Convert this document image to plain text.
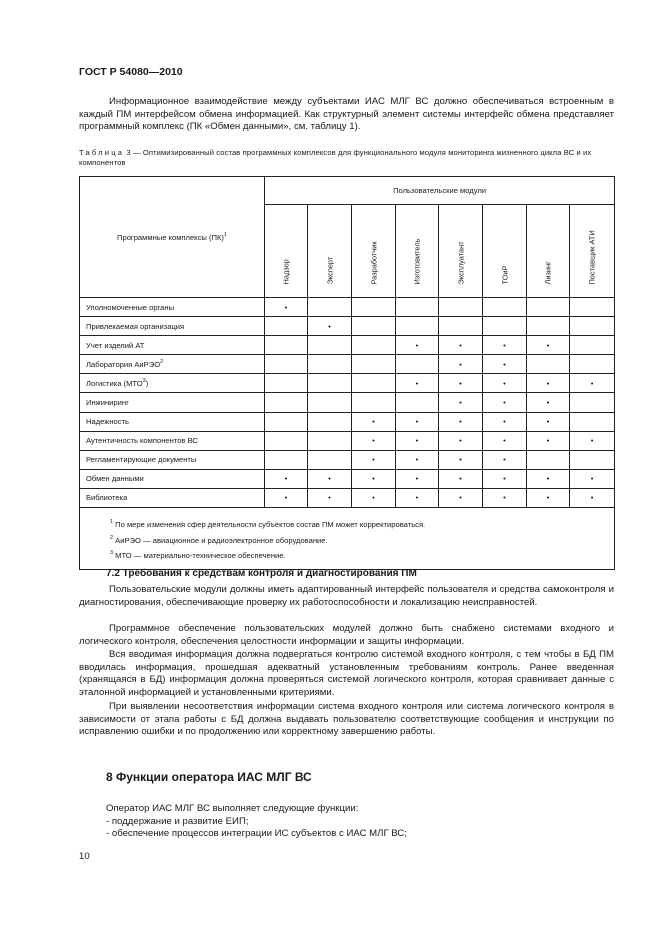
ГОСТ Р 54080—2010

Информационное взаимодействие между субъектами ИАС МЛГ ВС должно обеспечиваться встроенным в каждый ПМ интерфейсом обмена информацией. Как структурный элемент системы интерфейс обмена представляет программный комплекс (ПК «Обмен данными», см. таблицу 1).

Таблица 3 — Оптимизированный состав программных комплексов для функционального модуля мониторинга жизненного цикла ВС и их компонентов
Программные комплексы (ПК)$^1$	Пользовательские модули							

	Надзор	Эксперт	Разработчик	Изготовитель	Эксплуатант	ТОиР	Лизинг	Поставщик АТИ

Уполномоченные органы	•							
Привлекаемая организация		•						
Учет изделий АТ				•	•	•	•	
Лаборатория АиРЭО$^2$					•	•		
Логистика (МТО$^3$)				•	•	•	•	•
Инжиниринг					•	•	•	
Надежность			•	•	•	•	•	
Аутентичность компонентов ВС			•	•	•	•	•	•
Регламентирующие документы			•	•	•	•		
Обмен данными	•	•	•	•	•	•	•	•
Библиотека	•	•	•	•	•	•	•	•

$^1$ По мере изменения сфер деятельности субъектов состав ПМ может корректироваться.
$^2$ АиРЭО — авиационное и радиоэлектронное оборудование.
$^3$ МТО — материально-техническое обеспечение.								
7.2 Требования к средствам контроля и диагностирования ПМ

Пользовательские модули должны иметь адаптированный интерфейс пользователя и средства самоконтроля и диагностирования, обеспечивающие проверку их работоспособности и локализацию неисправностей.

Программное обеспечение пользовательских модулей должно быть снабжено системами входного и логического контроля, обеспечения целостности информации и защиты информации.

Вся вводимая информация должна подвергаться контролю системой входного контроля, с тем чтобы в БД ПМ вводилась информация, прошедшая адекватный установленным требованиям контроль. Ранее введенная (хранящаяся в БД) информация должна проверяться системой логического контроля, которая сравнивает данные с эталонной информацией и установленными критериями.

При выявлении несоответствия информации система входного контроля или система логического контроля в зависимости от этапа работы с БД должна выдавать пользователю соответствующие сообщения и инструкции по исправлению ошибки и по продолжению или корректному завершению работы.

8 Функции оператора ИАС МЛГ ВС
Оператор ИАС МЛГ ВС выполняет следующие функции:
- поддержание и развитие ЕИП;
- обеспечение процессов интеграции ИС субъектов с ИАС МЛГ ВС;
10
